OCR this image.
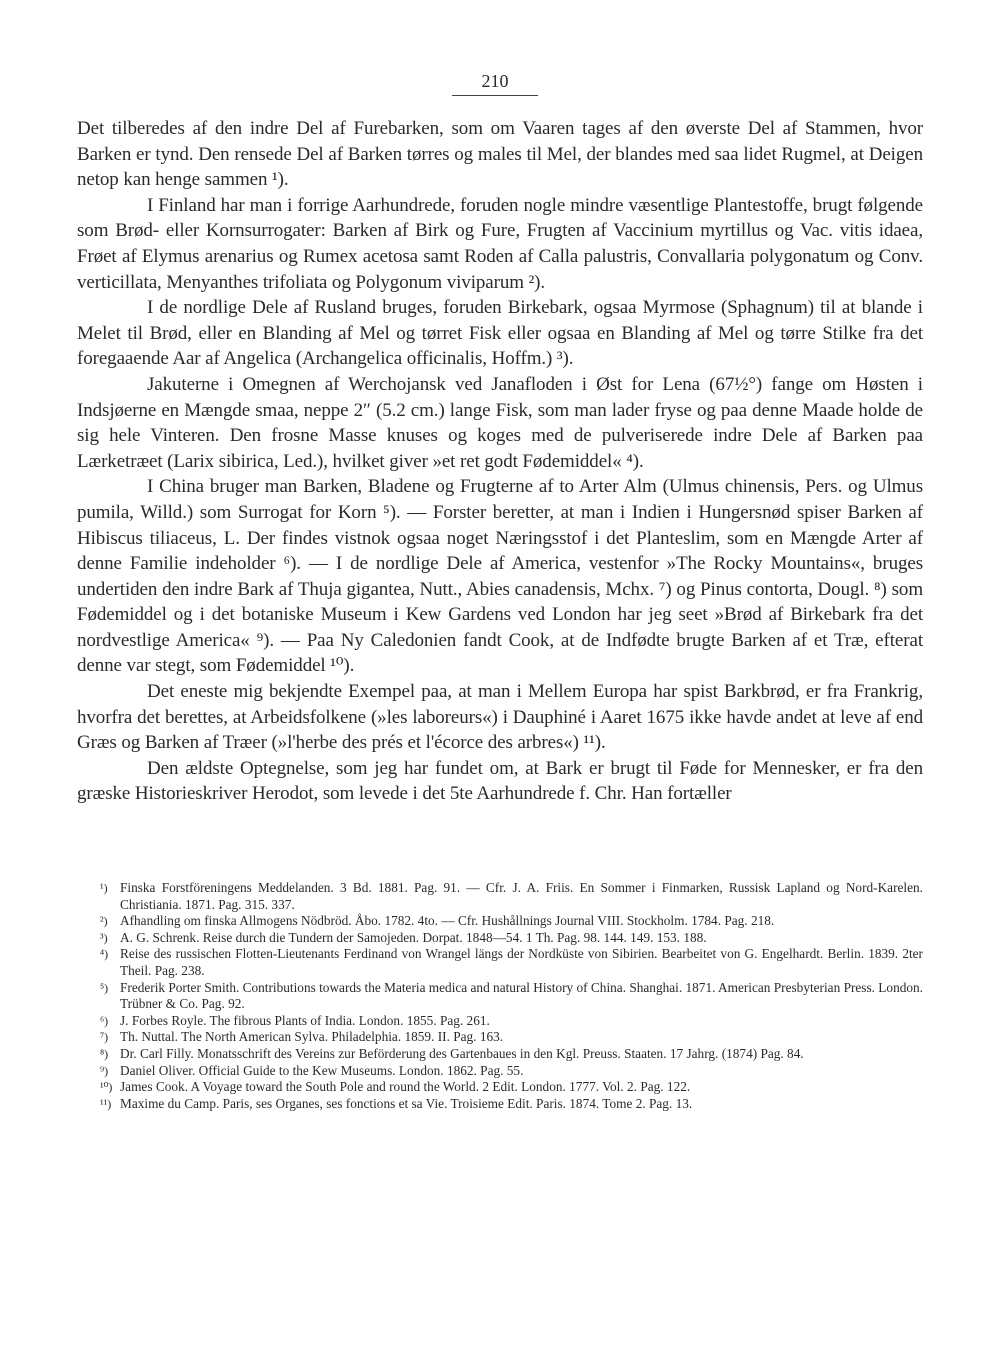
210

Det tilberedes af den indre Del af Furebarken, som om Vaaren tages af den øverste Del af Stammen, hvor Barken er tynd. Den rensede Del af Barken tørres og males til Mel, der blandes med saa lidet Rugmel, at Deigen netop kan henge sammen ¹).

I Finland har man i forrige Aarhundrede, foruden nogle mindre væsentlige Plantestoffe, brugt følgende som Brød- eller Kornsurrogater: Barken af Birk og Fure, Frugten af Vaccinium myrtillus og Vac. vitis idaea, Frøet af Elymus arenarius og Rumex acetosa samt Roden af Calla palustris, Convallaria polygonatum og Conv. verticillata, Menyanthes trifoliata og Polygonum viviparum ²).

I de nordlige Dele af Rusland bruges, foruden Birkebark, ogsaa Myrmose (Sphagnum) til at blande i Melet til Brød, eller en Blanding af Mel og tørret Fisk eller ogsaa en Blanding af Mel og tørre Stilke fra det foregaaende Aar af Angelica (Archangelica officinalis, Hoffm.) ³).

Jakuterne i Omegnen af Werchojansk ved Janafloden i Øst for Lena (67½°) fange om Høsten i Indsjøerne en Mængde smaa, neppe 2″ (5.2 cm.) lange Fisk, som man lader fryse og paa denne Maade holde de sig hele Vinteren. Den frosne Masse knuses og koges med de pulveriserede indre Dele af Barken paa Lærketræet (Larix sibirica, Led.), hvilket giver »et ret godt Fødemiddel« ⁴).

I China bruger man Barken, Bladene og Frugterne af to Arter Alm (Ulmus chinensis, Pers. og Ulmus pumila, Willd.) som Surrogat for Korn ⁵). — Forster beretter, at man i Indien i Hungersnød spiser Barken af Hibiscus tiliaceus, L. Der findes vistnok ogsaa noget Næringsstof i det Planteslim, som en Mængde Arter af denne Familie indeholder ⁶). — I de nordlige Dele af America, vestenfor »The Rocky Mountains«, bruges undertiden den indre Bark af Thuja gigantea, Nutt., Abies canadensis, Mchx. ⁷) og Pinus contorta, Dougl. ⁸) som Fødemiddel og i det botaniske Museum i Kew Gardens ved London har jeg seet »Brød af Birkebark fra det nordvestlige America« ⁹). — Paa Ny Caledonien fandt Cook, at de Indfødte brugte Barken af et Træ, efterat denne var stegt, som Fødemiddel ¹⁰).

Det eneste mig bekjendte Exempel paa, at man i Mellem Europa har spist Barkbrød, er fra Frankrig, hvorfra det berettes, at Arbeidsfolkene (»les laboreurs«) i Dauphiné i Aaret 1675 ikke havde andet at leve af end Græs og Barken af Træer (»l'herbe des prés et l'écorce des arbres«) ¹¹).

Den ældste Optegnelse, som jeg har fundet om, at Bark er brugt til Føde for Mennesker, er fra den græske Historieskriver Herodot, som levede i det 5te Aarhundrede f. Chr. Han fortæller

¹) Finska Forstföreningens Meddelanden. 3 Bd. 1881. Pag. 91. — Cfr. J. A. Friis. En Sommer i Finmarken, Russisk Lapland og Nord-Karelen. Christiania. 1871. Pag. 315. 337.

²) Afhandling om finska Allmogens Nödbröd. Åbo. 1782. 4to. — Cfr. Hushållnings Journal VIII. Stockholm. 1784. Pag. 218.

³) A. G. Schrenk. Reise durch die Tundern der Samojeden. Dorpat. 1848—54. 1 Th. Pag. 98. 144. 149. 153. 188.

⁴) Reise des russischen Flotten-Lieutenants Ferdinand von Wrangel längs der Nordküste von Sibirien. Bearbeitet von G. Engelhardt. Berlin. 1839. 2ter Theil. Pag. 238.

⁵) Frederik Porter Smith. Contributions towards the Materia medica and natural History of China. Shanghai. 1871. American Presbyterian Press. London. Trübner & Co. Pag. 92.

⁶) J. Forbes Royle. The fibrous Plants of India. London. 1855. Pag. 261.

⁷) Th. Nuttal. The North American Sylva. Philadelphia. 1859. II. Pag. 163.

⁸) Dr. Carl Filly. Monatsschrift des Vereins zur Beförderung des Gartenbaues in den Kgl. Preuss. Staaten. 17 Jahrg. (1874) Pag. 84.

⁹) Daniel Oliver. Official Guide to the Kew Museums. London. 1862. Pag. 55.

¹⁰) James Cook. A Voyage toward the South Pole and round the World. 2 Edit. London. 1777. Vol. 2. Pag. 122.

¹¹) Maxime du Camp. Paris, ses Organes, ses fonctions et sa Vie. Troisieme Edit. Paris. 1874. Tome 2. Pag. 13.
